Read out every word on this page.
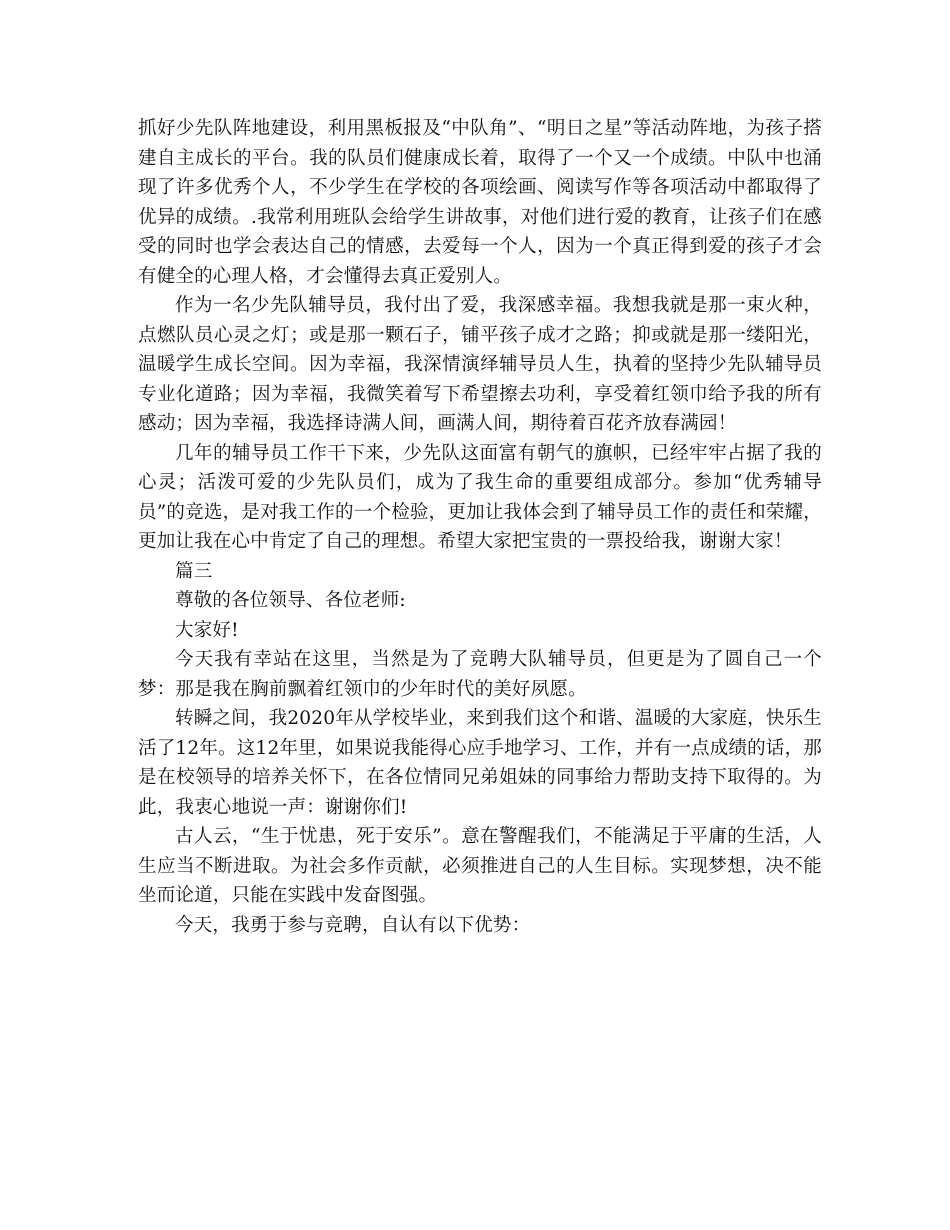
抓好少先队阵地建设，利用黑板报及“中队角”、“明日之星”等活动阵地，为孩子搭建自主成长的平台。我的队员们健康成长着，取得了一个又一个成绩。中队中也涌现了许多优秀个人，不少学生在学校的各项绘画、阅读写作等各项活动中都取得了优异的成绩。.我常利用班队会给学生讲故事，对他们进行爱的教育，让孩子们在感受的同时也学会表达自己的情感，去爱每一个人，因为一个真正得到爱的孩子才会有健全的心理人格，才会懂得去真正爱别人。

作为一名少先队辅导员，我付出了爱，我深感幸福。我想我就是那一束火种，点燃队员心灵之灯；或是那一颗石子，铺平孩子成才之路；抑或就是那一缕阳光，温暖学生成长空间。因为幸福，我深情演绎辅导员人生，执着的坚持少先队辅导员专业化道路；因为幸福，我微笑着写下希望擦去功利，享受着红领巾给予我的所有感动；因为幸福，我选择诗满人间，画满人间，期待着百花齐放春满园！

几年的辅导员工作干下来，少先队这面富有朝气的旗帜，已经牢牢占据了我的心灵；活泼可爱的少先队员们，成为了我生命的重要组成部分。参加“优秀辅导员”的竞选，是对我工作的一个检验，更加让我体会到了辅导员工作的责任和荣耀，更加让我在心中肯定了自己的理想。希望大家把宝贵的一票投给我，谢谢大家！

篇三

尊敬的各位领导、各位老师:

大家好!

今天我有幸站在这里，当然是为了竞聘大队辅导员，但更是为了圆自己一个梦：那是我在胸前飘着红领巾的少年时代的美好夙愿。

转瞬之间，我2020年从学校毕业，来到我们这个和谐、温暖的大家庭，快乐生活了12年。这12年里，如果说我能得心应手地学习、工作，并有一点成绩的话，那是在校领导的培养关怀下，在各位情同兄弟姐妹的同事给力帮助支持下取得的。为此，我衷心地说一声：谢谢你们!

古人云，“生于忧患，死于安乐”。意在警醒我们，不能满足于平庸的生活，人生应当不断进取。为社会多作贡献，必须推进自己的人生目标。实现梦想，决不能坐而论道，只能在实践中发奋图强。

今天，我勇于参与竞聘，自认有以下优势：
